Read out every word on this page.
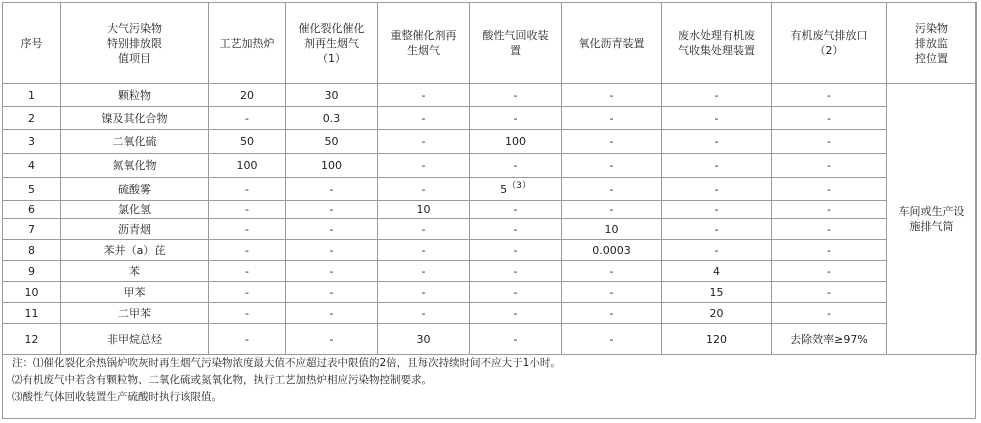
序号	大气污染物
特别排放限
值项目	工艺加热炉	催化裂化催化
剂再生烟气
（1）	重整催化剂再
生烟气	酸性气回收装
置	氧化沥青装置	废水处理有机废
气收集处理装置	有机废气排放口
（2）	污染物
排放监
控位置
1	颗粒物	20	30	-	-	-	-	-	车间或生产设
施排气筒
2	镍及其化合物	-	0.3	-	-	-	-	-	
3	二氧化硫	50	50	-	100	-	-	-	
4	氮氧化物	100	100	-	-	-	-	-	
5	硫酸雾	-	-	-	$5^{(3)}$	-	-	-	
6	氯化氢	-	-	10	-	-	-	-	
7	沥青烟	-	-	-	-	10	-	-	
8	苯并（a）芘	-	-	-	-	0.0003	-	-	
9	苯	-	-	-	-	-	4	-	
10	甲苯	-	-	-	-	-	15	-	
11	二甲苯	-	-	-	-	-	20	-	
12	非甲烷总烃	-	-	30	-	-	120	去除效率≥97%	
注：⑴催化裂化余热锅炉吹灰时再生烟气污染物浓度最大值不应超过表中限值的2倍，且每次持续时间不应大于1小时。
⑵有机废气中若含有颗粒物、二氧化硫或氮氧化物，执行工艺加热炉相应污染物控制要求。
⑶酸性气体回收装置生产硫酸时执行该限值。
